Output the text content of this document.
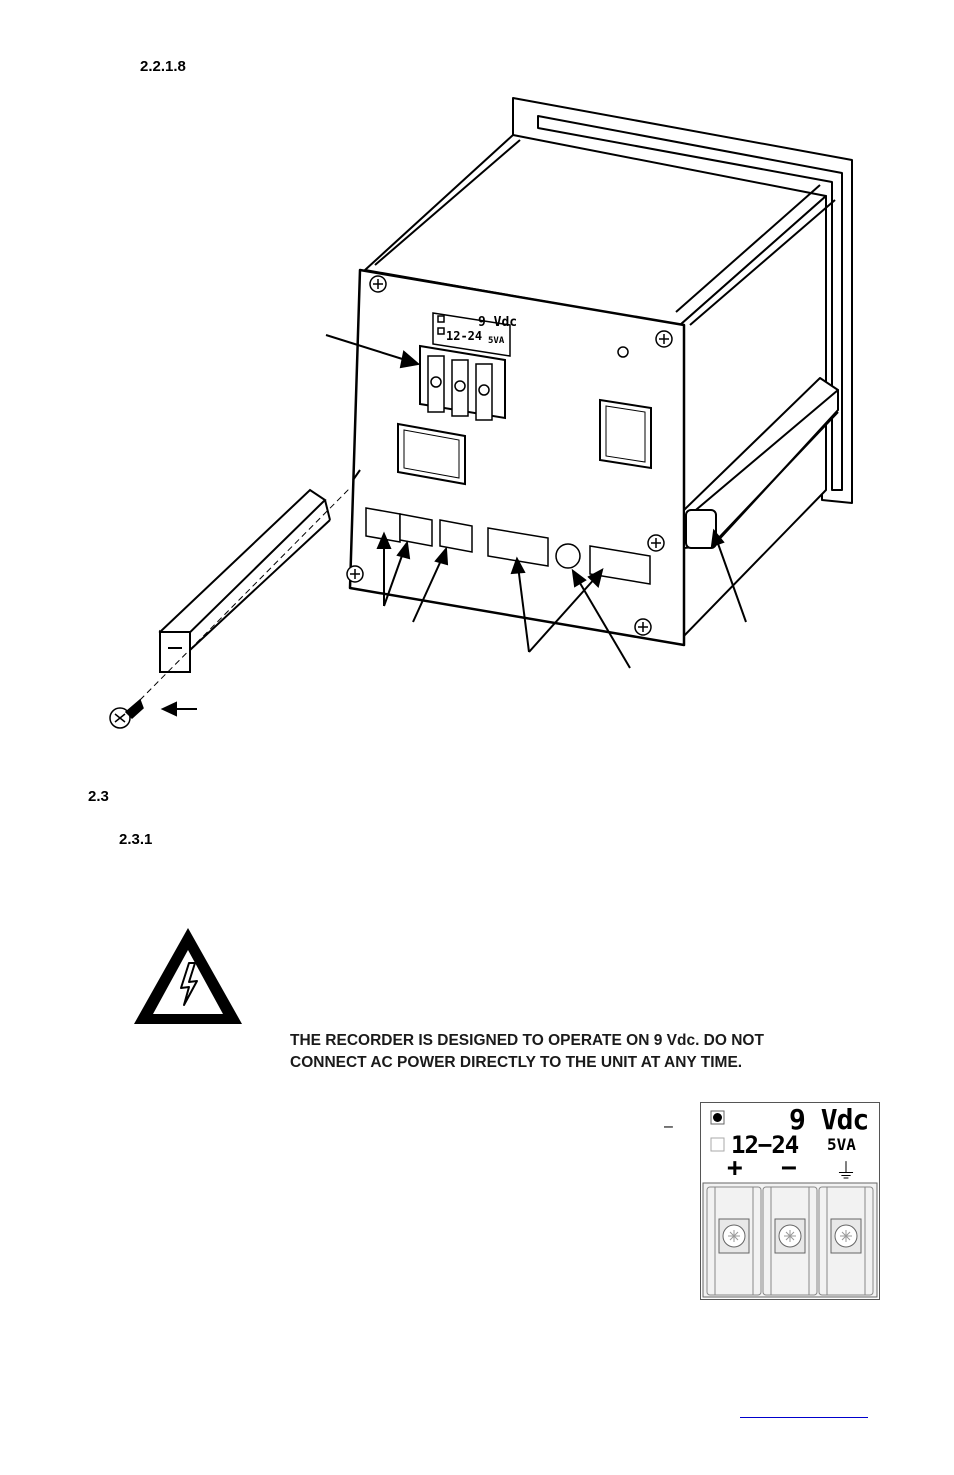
2.2.1.8
2.3
2.3.1
9 Vdc
12-24 5VA
THE RECORDER IS DESIGNED TO OPERATE ON 9 Vdc. DO NOT
CONNECT AC POWER DIRECTLY TO THE UNIT AT ANY TIME.
–	9 Vdc
12−24 5VA
+ − ⏚
